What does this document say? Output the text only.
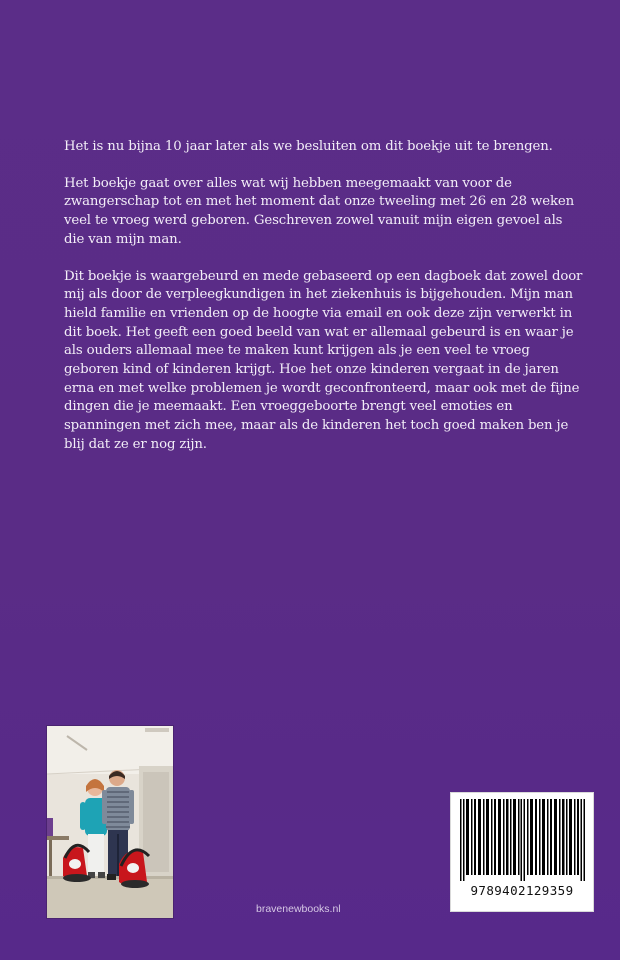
Het is nu bijna 10 jaar later als we besluiten om dit boekje uit te brengen.

Het boekje gaat over alles wat wij hebben meegemaakt van voor de zwangerschap tot en met het moment dat onze tweeling met 26 en 28 weken veel te vroeg werd geboren. Geschreven zowel vanuit mijn eigen gevoel als die van mijn man.

Dit boekje is waargebeurd en mede gebaseerd op een dagboek dat zowel door mij als door de verpleegkundigen in het ziekenhuis is bijgehouden. Mijn man hield familie en vrienden op de hoogte via email en ook deze zijn verwerkt in dit boek. Het geeft een goed beeld van wat er allemaal gebeurd is en waar je als ouders allemaal mee te maken kunt krijgen als je een veel te vroeg geboren kind of kinderen krijgt. Hoe het onze kinderen vergaat in de jaren erna en met welke problemen je wordt geconfronteerd, maar ook met de fijne dingen die je meemaakt. Een vroeggeboorte brengt veel emoties en spanningen met zich mee, maar als de kinderen het toch goed maken ben je blij dat ze er nog zijn.

bravenewbooks.nl
9789402129359
